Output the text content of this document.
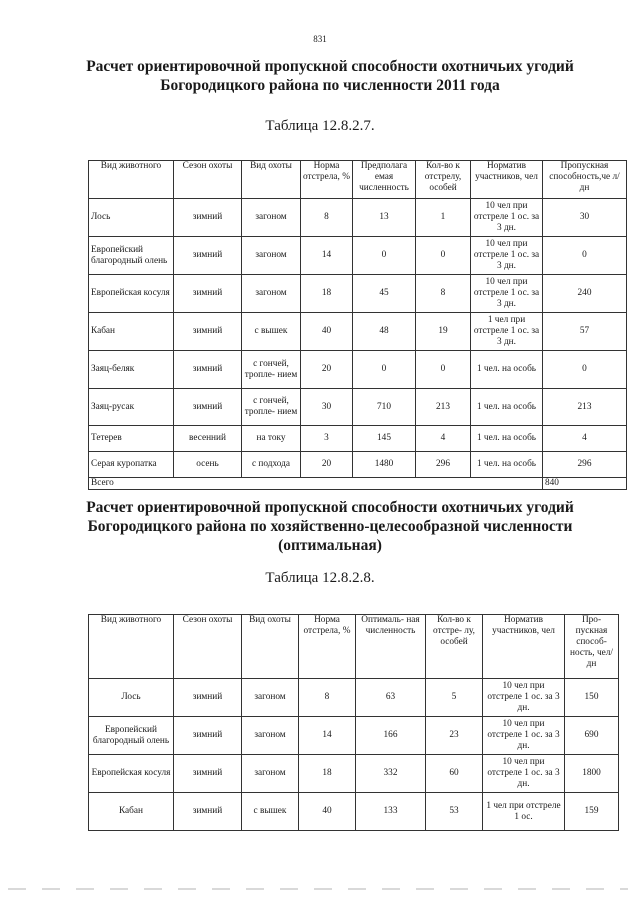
831
Расчет ориентировочной пропускной способности охотничьих угодий
Богородицкого района по численности 2011 года
Таблица 12.8.2.7.
Вид животного	Сезон охоты	Вид охоты	Норма отстрела, %	Предполага емая численность	Кол-во к отстрелу, особей	Норматив участников, чел	Пропускная способность,че л/дн
Лось	зимний	загоном	8	13	1	10 чел при отстреле 1 ос. за 3 дн.	30
Европейский благородный олень	зимний	загоном	14	0	0	10 чел при отстреле 1 ос. за 3 дн.	0
Европейская косуля	зимний	загоном	18	45	8	10 чел при отстреле 1 ос. за 3 дн.	240
Кабан	зимний	с вышек	40	48	19	1 чел при отстреле 1 ос. за 3 дн.	57
Заяц-беляк	зимний	с гончей, тропле- нием	20	0	0	1 чел. на особь	0
Заяц-русак	зимний	с гончей, тропле- нием	30	710	213	1 чел. на особь	213
Тетерев	весенний	на току	3	145	4	1 чел. на особь	4
Серая куропатка	осень	с подхода	20	1480	296	1 чел. на особь	296
Всего							840
Расчет ориентировочной пропускной способности охотничьих угодий
Богородицкого района по хозяйственно-целесообразной численности
(оптимальная)
Таблица 12.8.2.8.
Вид животного	Сезон охоты	Вид охоты	Норма отстрела, %	Оптималь- ная численность	Кол-во к отстре- лу, особей	Норматив участников, чел	Про- пускная способ- ность, чел/дн
Лось	зимний	загоном	8	63	5	10 чел при отстреле 1 ос. за 3 дн.	150
Европейский благородный олень	зимний	загоном	14	166	23	10 чел при отстреле 1 ос. за 3 дн.	690
Европейская косуля	зимний	загоном	18	332	60	10 чел при отстреле 1 ос. за 3 дн.	1800
Кабан	зимний	с вышек	40	133	53	1 чел при отстреле 1 ос.	159
